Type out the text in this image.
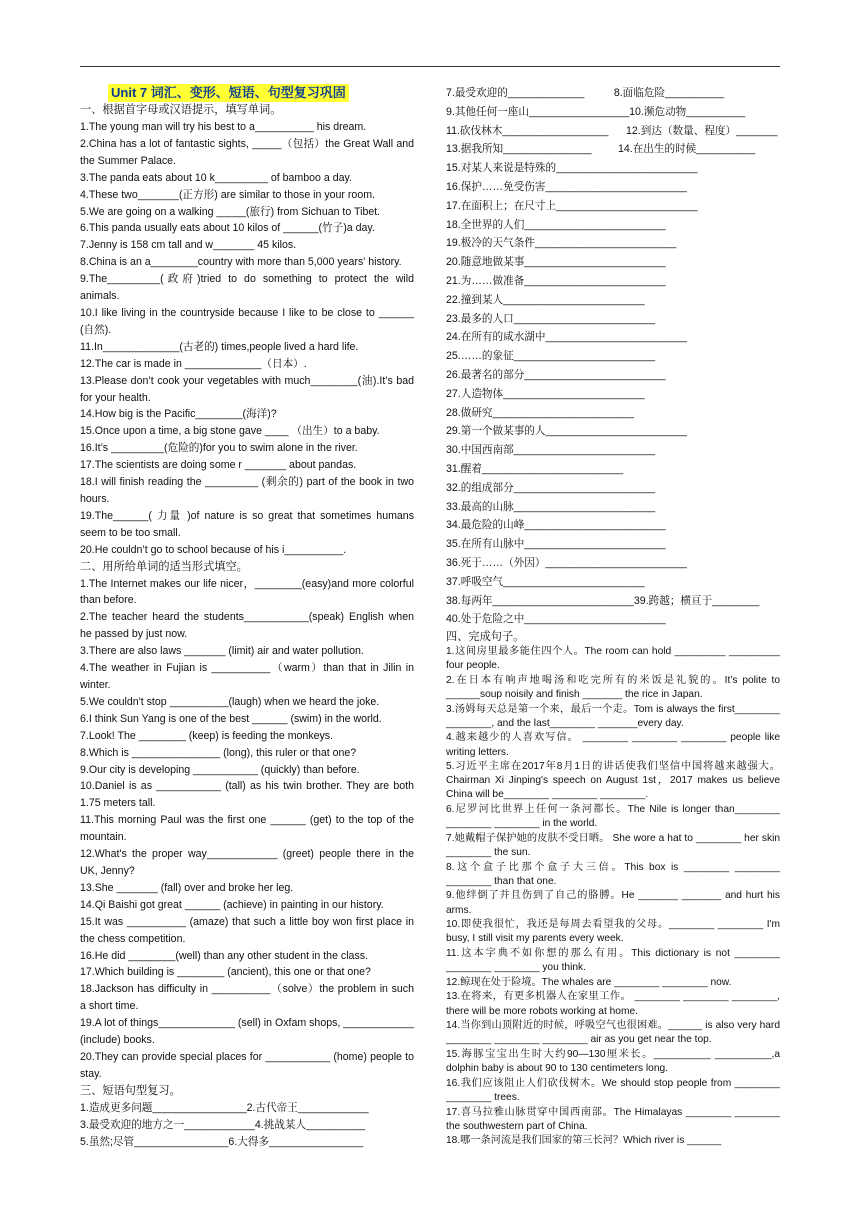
Unit 7 词汇、变形、短语、句型复习巩固
一、根据首字母或汉语提示，填写单词。
1.The young man will try his best to a__________ his dream.
2.China has a lot of fantastic sights, _____（包括）the Great Wall and the Summer Palace.
3.The panda eats about 10 k_________ of bamboo a day.
4.These two_______(正方形) are similar to those in your room.
5.We are going on a walking _____(旅行) from Sichuan to Tibet.
6.This panda usually eats about 10 kilos of ______(竹子)a day.
7.Jenny is 158 cm tall and w_______ 45 kilos.
8.China is an a________country with more than 5,000 years' history.
9.The_________(政府)tried to do something to protect the wild animals.
10.I like living in the countryside because I like to be close to ______ (自然).
11.In_____________(古老的) times,people lived a hard life.
12.The car is made in _____________（日本）.
13.Please don’t cook your vegetables with much________(油).It’s bad for your health.
14.How big is the Pacific________(海洋)?
15.Once upon a time, a big stone gave ____ （出生）to a baby.
16.It’s _________(危险的)for you to swim alone in the river.
17.The scientists are doing some r _______ about pandas.
18.I will finish reading the _________ (剩余的) part of the book in two hours.
19.The______( 力量 )of nature is so great that sometimes humans seem to be too small.
20.He couldn’t go to school because of his i__________.
二、用所给单词的适当形式填空。
1.The Internet makes our life nicer，________(easy)and more colorful than before.
2.The teacher heard the students___________(speak) English when he passed by just now.
3.There are also laws _______ (limit) air and water pollution.
4.The weather in Fujian is __________（warm）than that in Jilin in winter.
5.We couldn't stop __________(laugh) when we heard the joke.
6.I think Sun Yang is one of the best ______ (swim) in the world.
7.Look! The ________ (keep) is feeding the monkeys.
8.Which is _______________ (long), this ruler or that one?
9.Our city is developing ___________ (quickly) than before.
10.Daniel is as ___________ (tall) as his twin brother. They are both 1.75 meters tall.
11.This morning Paul was the first one ______ (get) to the top of the mountain.
12.What's the proper way____________ (greet) people there in the UK, Jenny?
13.She _______ (fall) over and broke her leg.
14.Qi Baishi got great ______ (achieve) in painting in our history.
15.It was __________ (amaze) that such a little boy won first place in the chess competition.
16.He did ________(well) than any other student in the class.
17.Which building is ________ (ancient), this one or that one?
18.Jackson has difficulty in __________（solve）the problem in such a short time.
19.A lot of things_____________ (sell) in Oxfam shops, ____________ (include) books.
20.They can provide special places for ___________ (home) people to stay.
三、短语句型复习。
1.造成更多问题________________2.古代帝王____________
3.最受欢迎的地方之一____________4.挑战某人__________
5.虽然;尽管________________6.大得多________________
7.最受欢迎的_____________          8.面临危险__________
9.其他任何一座山_________________10.濒危动物__________
11.砍伐林木__________________      12.到达（数量、程度）_______
13.据我所知_______________         14.在出生的时候__________
15.对某人来说是特殊的________________________
16.保护……免受伤害________________________
17.在面积上；在尺寸上________________________
18.全世界的人们________________________
19.极冷的天气条件________________________
20.随意地做某事________________________
21.为……做准备________________________
22.撞到某人________________________
23.最多的人口________________________
24.在所有的咸水湖中________________________
25.……的象征________________________
26.最著名的部分________________________
27.人造物体________________________
28.做研究________________________
29.第一个做某事的人________________________
30.中国西南部________________________
31.醒着________________________
32.的组成部分________________________
33.最高的山脉________________________
34.最危险的山峰________________________
35.在所有山脉中________________________
36.死于……（外因）________________________
37.呼吸空气________________________
38.每两年________________________39.跨越；横亘于________
40.处于危险之中________________________
四、完成句子。
1.这间房里最多能住四个人。The room can hold _________ _________ four people.
2.在日本有响声地喝汤和吃完所有的米饭是礼貌的。It’s polite to ______soup noisily and finish _______ the rice in Japan.
3.汤姆每天总是第一个来，最后一个走。Tom is always the first________ ________, and the last________ _______every day.
4.越来越少的人喜欢写信。 ________ ________ ________ people like writing letters.
5.习近平主席在2017年8月1日的讲话使我们坚信中国将越来越强大。Chairman Xi Jinping's speech on August 1st，2017 makes us believe China will be________ ________ ________.
6.尼罗河比世界上任何一条河都长。The Nile is longer than________ ________ ________ in the world.
7.她戴帽子保护她的皮肤不受日晒。 She wore a hat to ________ her skin ________ the sun.
8.这个盒子比那个盒子大三倍。This box is ________ ________ ________ than that one.
9.他绊倒了并且伤到了自己的胳膊。He _______ _______ and hurt his arms.
10.即使我很忙，我还是每周去看望我的父母。________ ________ I'm busy, I still visit my parents every week.
11.这本字典不如你想的那么有用。This dictionary is not ________ ________ ________ you think.
12.鲸现在处于险境。The whales are ________ ________ now.
13.在将来，有更多机器人在家里工作。 ________ ________ ________, there will be more robots working at home.
14.当你到山顶附近的时候，呼吸空气也很困难。______ is also very hard ________ ________ ________ air as you get near the top.
15.海豚宝宝出生时大约90—130厘米长。__________ __________,a dolphin baby is about 90 to 130 centimeters long.
16.我们应该阻止人们砍伐树木。We should stop people from ________ ________ trees.
17.喜马拉雅山脉贯穿中国西南部。The Himalayas ________ ________ the southwestern part of China.
18.哪一条河流是我们国家的第三长河？Which river is ______
